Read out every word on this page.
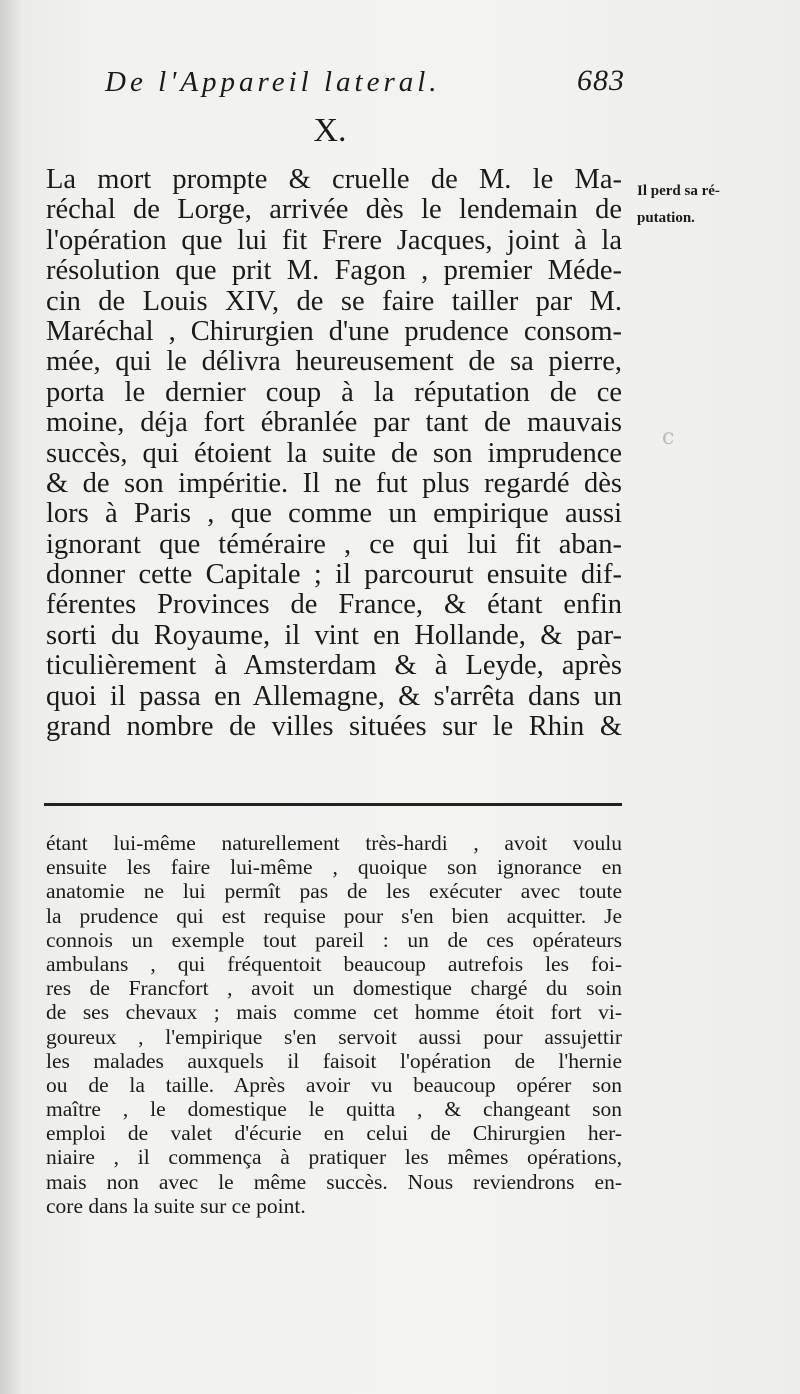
De l'Appareil lateral.	683
X.
Il perd sa ré-
putation.
La mort prompte & cruelle de M. le Ma-
réchal de Lorge, arrivée dès le lendemain de
l'opération que lui fit Frere Jacques, joint à la
résolution que prit M. Fagon , premier Méde-
cin de Louis XIV, de se faire tailler par M.
Maréchal , Chirurgien d'une prudence consom-
mée, qui le délivra heureusement de sa pierre,
porta le dernier coup à la réputation de ce
moine, déja fort ébranlée par tant de mauvais
succès, qui étoient la suite de son imprudence
& de son impéritie. Il ne fut plus regardé dès
lors à Paris , que comme un empirique aussi
ignorant que téméraire , ce qui lui fit aban-
donner cette Capitale ; il parcourut ensuite dif-
férentes Provinces de France, & étant enfin
sorti du Royaume, il vint en Hollande, & par-
ticulièrement à Amsterdam & à Leyde, après
quoi il passa en Allemagne, & s'arrêta dans un
grand nombre de villes situées sur le Rhin &
c
étant lui-même naturellement très-hardi , avoit voulu
ensuite les faire lui-même , quoique son ignorance en
anatomie ne lui permît pas de les exécuter avec toute
la prudence qui est requise pour s'en bien acquitter. Je
connois un exemple tout pareil : un de ces opérateurs
ambulans , qui fréquentoit beaucoup autrefois les foi-
res de Francfort , avoit un domestique chargé du soin
de ses chevaux ; mais comme cet homme étoit fort vi-
goureux , l'empirique s'en servoit aussi pour assujettir
les malades auxquels il faisoit l'opération de l'hernie
ou de la taille. Après avoir vu beaucoup opérer son
maître , le domestique le quitta , & changeant son
emploi de valet d'écurie en celui de Chirurgien her-
niaire , il commença à pratiquer les mêmes opérations,
mais non avec le même succès. Nous reviendrons en-
core dans la suite sur ce point.
